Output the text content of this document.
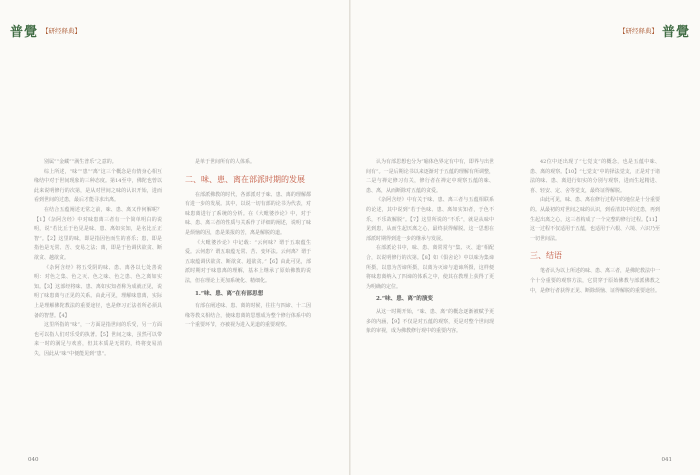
普覺 【研经释典】	【研经释典】 普覺

别属”“金藏”“满生普乐”之意的。

综上所述，“味”“患”“离”这三个概念是有情身心相互缘结中对于世间现象的三种态度。第14至中，佛陀也曾以此来说明修行的次第，是从对世间之味的认识开始，进而看到世间的过患，最后才能寻求出离。

在结合五蕴阐述无常之前，味、患、离又作何解呢？【1】《杂阿含经》中对味患离三者有一个简单明白的说明，说“若比丘于色见是味、患、离如实知，是名比丘正智”。【2】这里的味，即是指因色而生的喜乐；患，即是指色是无常、苦、变易之法；离，即是于色调伏欲贪、断欲贪、越欲贪。

《杂阿含经》将五受阴的味、患、离各以七处善说明：对色之集、色之灭、色之味、色之患、色之离如实知。【3】这部经将味、患、离如实知者称为成就正见，说明了味患离与正见的关系。由此可见，理解味患离，实际上是理解佛陀教法的重要途径，也是修习正法者所必须具备的智慧。【4】

这里所指的“味”，一方面是指世间的乐受，另一方面也可以指人们对乐受的执著。【5】世间之味，虽然可以带来一时的满足与欢喜，但其本质是无常的，终将变易消失，因此从“味”中便能见到“患”。

是单于世间所有的人体系。

二、味、患、离在部派时期的发展

在部派佛教的时代，各部派对于味、患、离的理解都有进一步的发展。其中，以说一切有部的论书为代表，对味患离进行了系统的分析。在《大毗婆沙论》中，对于味、患、离三者的性质与关系作了详细的阐述，说明了味是烦恼的因，患是果报的苦，离是解脱的道。

《大毗婆沙论》中记载：“云何味？谓于五取蕴生爱。云何患？谓五取蕴无常、苦、变坏法。云何离？谓于五取蕴调伏欲贪、断欲贪、超欲贪。”【6】由此可见，部派时期对于味患离的理解，基本上继承了原始佛教的说法，但在理论上更加系统化、精细化。

1.“味、患、离”在有部思想

有部在阐述味、患、离的时候，往往与四谛、十二因缘等教义相结合，使味患离的思想成为整个修行体系中的一个重要环节，亦被视为进入见道的重要观察。

认为有部思想也分为“喻体色界定有中有，即界与出世间有”。一是后期论书以来逐渐对于五蕴的理解有所调整，二是与禅定修习有关，修行者在禅定中观察五蕴的味、患、离，从而断除对五蕴的贪爱。

《杂阿含经》中有关于味、患、离三者与五蕴相联系的论述，其中说到“若于色味、患、离如实知者，于色不乐，不乐故解脱”。【7】这里所说的“不乐”，就是从味中见到患，从而生起厌离之心，最终获得解脱。这一思想在部派时期得到进一步的继承与发展。

在部派论书中，味、患、离常常与“集、灭、道”相配合，以说明修行的次第。【8】如《俱舍论》中以味为集谛所摄，以患为苦谛所摄，以离为灭谛与道谛所摄，这样便将味患离纳入了四谛的体系之中，使其在教理上获得了更为明确的定位。

2.“味、患、离”的演变

从这一时期开始，“味、患、离”的概念逐渐被赋予更多的内涵，【9】不仅是对五蕴的观察，更是对整个世间现象的审视，成为佛教修行观中的重要内容。

42位中还出现了“七觉支”的概念，也是五蕴中味、患、离的观察。【10】“七觉支”中的择法觉支，正是对于诸法的味、患、离进行如实的分别与观察，进而生起精进、喜、轻安、定、舍等觉支，最终证得解脱。

由此可见，味、患、离在修行过程中的地位是十分重要的。从最初的对世间之味的认识，到看清其中的过患，再到生起出离之心，这三者构成了一个完整的修行过程。【11】这一过程不仅适用于五蕴，也适用于六根、六境、六识乃至一切世间法。

三、结语

笔者认为以上所述的味、患、离三者，是佛陀教法中一个十分重要的观察方法，它贯穿于原始佛教与部派佛教之中，是修行者获得正见、断除烦恼、证得解脱的重要途径。

040	041
